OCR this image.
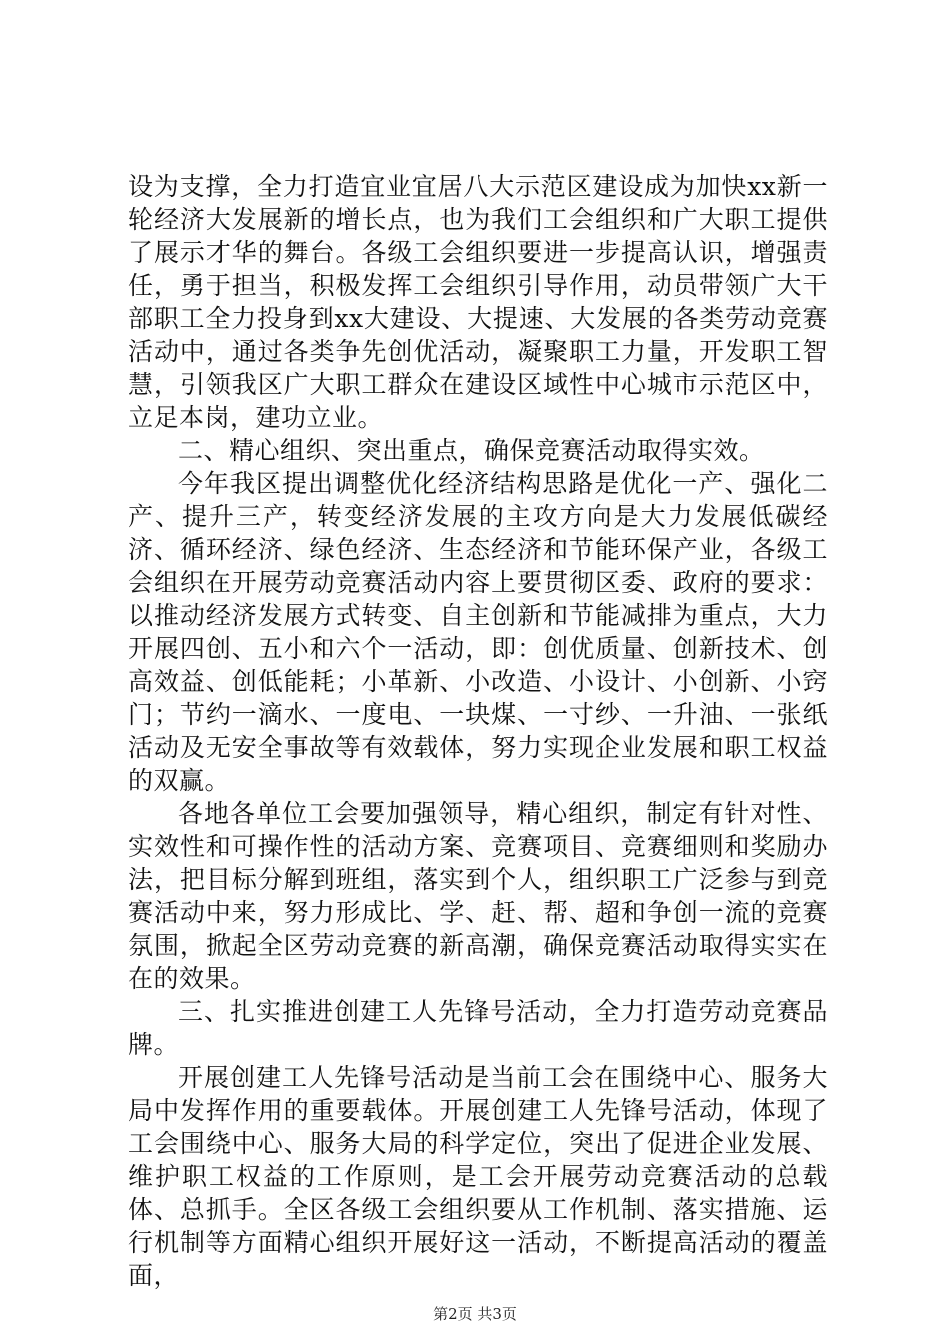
设为支撑，全力打造宜业宜居八大示范区建设成为加快xx新一轮经济大发展新的增长点，也为我们工会组织和广大职工提供了展示才华的舞台。各级工会组织要进一步提高认识，增强责任，勇于担当，积极发挥工会组织引导作用，动员带领广大干部职工全力投身到xx大建设、大提速、大发展的各类劳动竞赛活动中，通过各类争先创优活动，凝聚职工力量，开发职工智慧，引领我区广大职工群众在建设区域性中心城市示范区中，立足本岗，建功立业。

二、精心组织、突出重点，确保竞赛活动取得实效。

今年我区提出调整优化经济结构思路是优化一产、强化二产、提升三产，转变经济发展的主攻方向是大力发展低碳经济、循环经济、绿色经济、生态经济和节能环保产业，各级工会组织在开展劳动竞赛活动内容上要贯彻区委、政府的要求：以推动经济发展方式转变、自主创新和节能减排为重点，大力开展四创、五小和六个一活动，即：创优质量、创新技术、创高效益、创低能耗；小革新、小改造、小设计、小创新、小窍门；节约一滴水、一度电、一块煤、一寸纱、一升油、一张纸活动及无安全事故等有效载体，努力实现企业发展和职工权益的双赢。

各地各单位工会要加强领导，精心组织，制定有针对性、实效性和可操作性的活动方案、竞赛项目、竞赛细则和奖励办法，把目标分解到班组，落实到个人，组织职工广泛参与到竞赛活动中来，努力形成比、学、赶、帮、超和争创一流的竞赛氛围，掀起全区劳动竞赛的新高潮，确保竞赛活动取得实实在在的效果。

三、扎实推进创建工人先锋号活动，全力打造劳动竞赛品牌。

开展创建工人先锋号活动是当前工会在围绕中心、服务大局中发挥作用的重要载体。开展创建工人先锋号活动，体现了工会围绕中心、服务大局的科学定位，突出了促进企业发展、维护职工权益的工作原则，是工会开展劳动竞赛活动的总载体、总抓手。全区各级工会组织要从工作机制、落实措施、运行机制等方面精心组织开展好这一活动，不断提高活动的覆盖面，

第2页 共3页
